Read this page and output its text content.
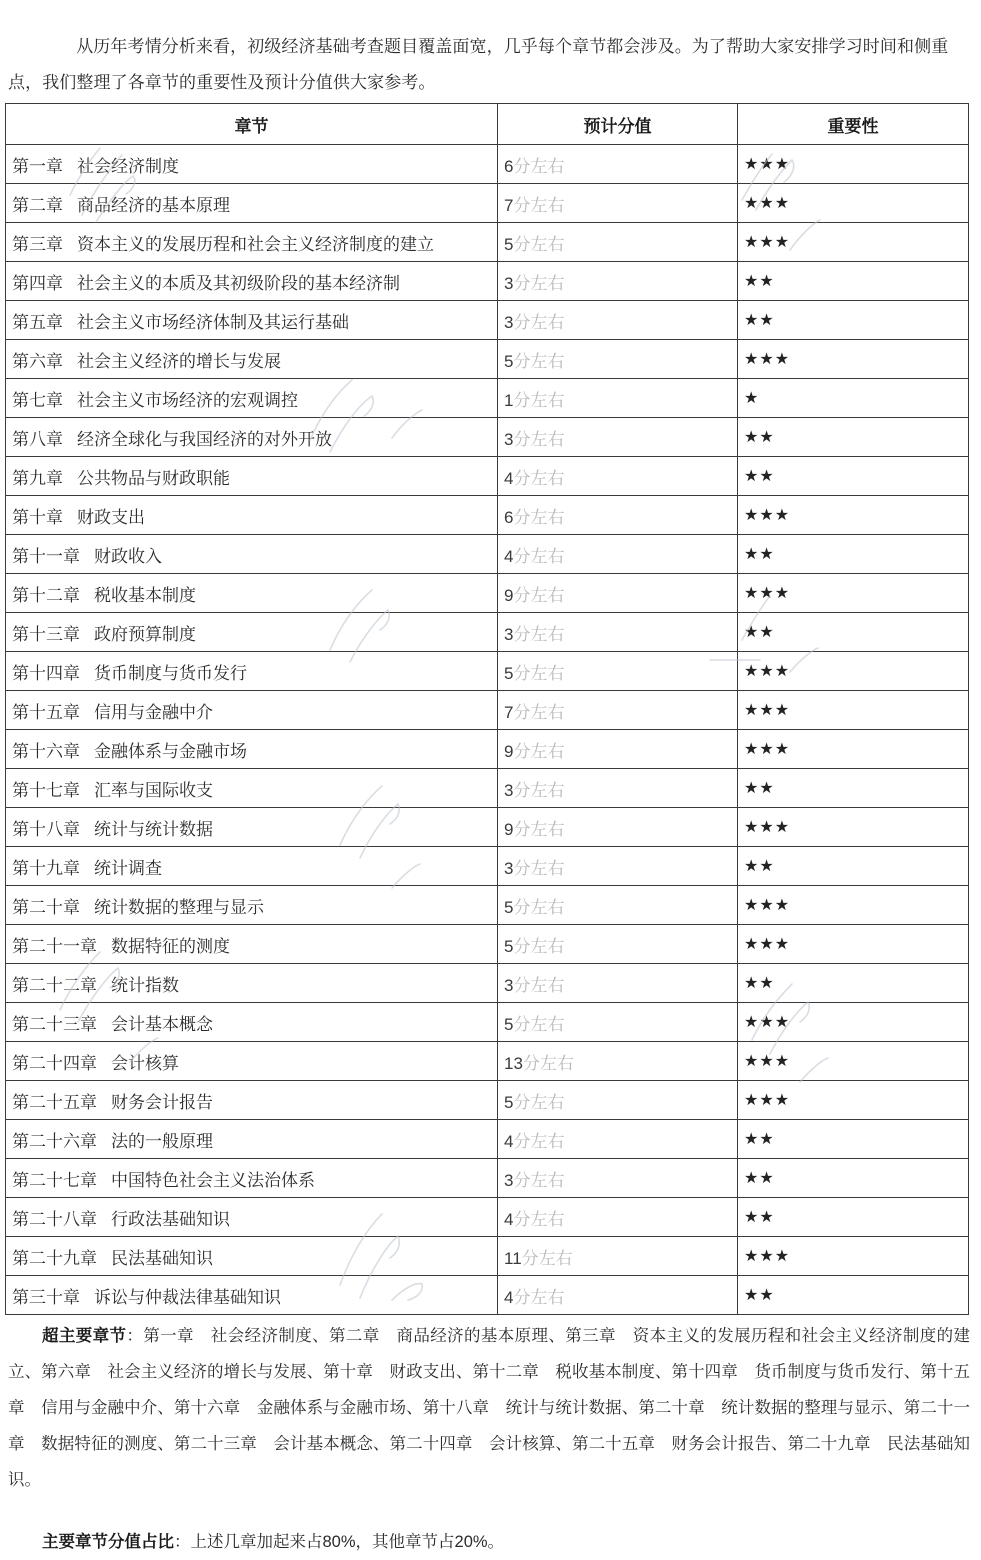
　　从历年考情分析来看，初级经济基础考查题目覆盖面宽，几乎每个章节都会涉及。为了帮助大家安排学习时间和侧重点，我们整理了各章节的重要性及预计分值供大家参考。

章节	预计分值	重要性
第一章 社会经济制度	6分左右	★★★
第二章 商品经济的基本原理	7分左右	★★★
第三章 资本主义的发展历程和社会主义经济制度的建立	5分左右	★★★
第四章 社会主义的本质及其初级阶段的基本经济制	3分左右	★★
第五章 社会主义市场经济体制及其运行基础	3分左右	★★
第六章 社会主义经济的增长与发展	5分左右	★★★
第七章 社会主义市场经济的宏观调控	1分左右	★
第八章 经济全球化与我国经济的对外开放	3分左右	★★
第九章 公共物品与财政职能	4分左右	★★
第十章 财政支出	6分左右	★★★
第十一章 财政收入	4分左右	★★
第十二章 税收基本制度	9分左右	★★★
第十三章 政府预算制度	3分左右	★★
第十四章 货币制度与货币发行	5分左右	★★★
第十五章 信用与金融中介	7分左右	★★★
第十六章 金融体系与金融市场	9分左右	★★★
第十七章 汇率与国际收支	3分左右	★★
第十八章 统计与统计数据	9分左右	★★★
第十九章 统计调查	3分左右	★★
第二十章 统计数据的整理与显示	5分左右	★★★
第二十一章 数据特征的测度	5分左右	★★★
第二十二章 统计指数	3分左右	★★
第二十三章 会计基本概念	5分左右	★★★
第二十四章 会计核算	13分左右	★★★
第二十五章 财务会计报告	5分左右	★★★
第二十六章 法的一般原理	4分左右	★★
第二十七章 中国特色社会主义法治体系	3分左右	★★
第二十八章 行政法基础知识	4分左右	★★
第二十九章 民法基础知识	11分左右	★★★
第三十章 诉讼与仲裁法律基础知识	4分左右	★★

超主要章节：第一章　社会经济制度、第二章　商品经济的基本原理、第三章　资本主义的发展历程和社会主义经济制度的建立、第六章　社会主义经济的增长与发展、第十章　财政支出、第十二章　税收基本制度、第十四章　货币制度与货币发行、第十五章　信用与金融中介、第十六章　金融体系与金融市场、第十八章　统计与统计数据、第二十章　统计数据的整理与显示、第二十一章　数据特征的测度、第二十三章　会计基本概念、第二十四章　会计核算、第二十五章　财务会计报告、第二十九章　民法基础知识。

主要章节分值占比：上述几章加起来占80%，其他章节占20%。
